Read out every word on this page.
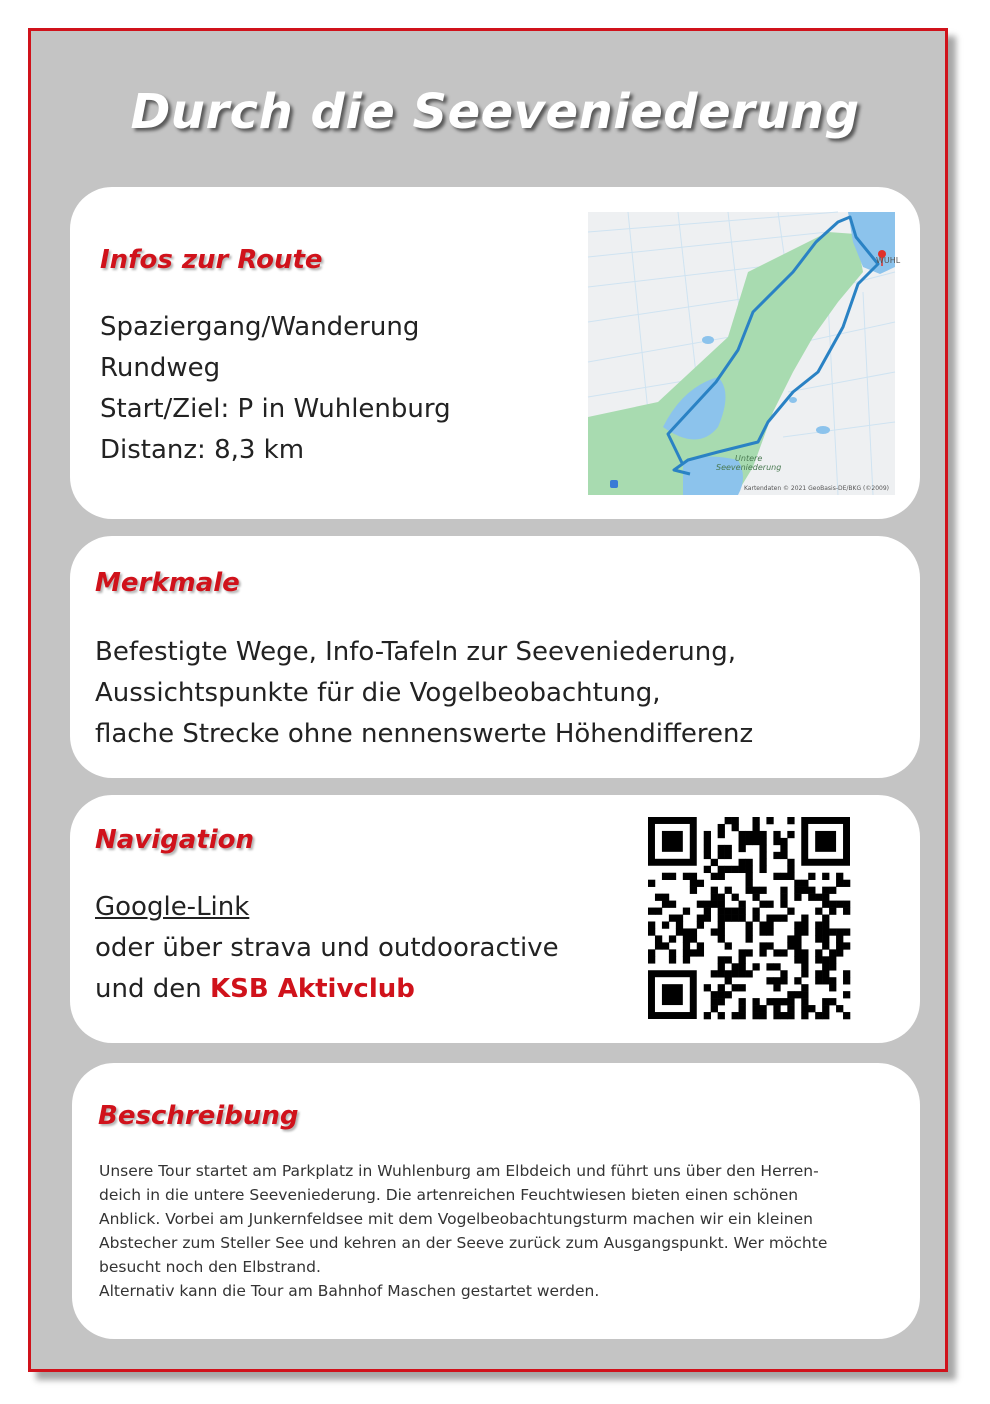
Durch die Seeveniederung
Infos zur Route
Spaziergang/Wanderung
Rundweg
Start/Ziel: P in Wuhlenburg
Distanz: 8,3 km	Untere
Seeveniederung
WUHL
Kartendaten © 2021 GeoBasis-DE/BKG (©2009)
Merkmale
Befestigte Wege, Info-Tafeln zur Seeveniederung,
Aussichtspunkte für die Vogelbeobachtung,
flache Strecke ohne nennenswerte Höhendifferenz
Navigation
Google-Link
oder über strava und outdooractive
und den KSB Aktivclub
Beschreibung
Unsere Tour startet am Parkplatz in Wuhlenburg am Elbdeich und führt uns über den Herren-
deich in die untere Seeveniederung. Die artenreichen Feuchtwiesen bieten einen schönen
Anblick. Vorbei am Junkernfeldsee mit dem Vogelbeobachtungsturm machen wir ein kleinen
Abstecher zum Steller See und kehren an der Seeve zurück zum Ausgangspunkt. Wer möchte
besucht noch den Elbstrand.
Alternativ kann die Tour am Bahnhof Maschen gestartet werden.
